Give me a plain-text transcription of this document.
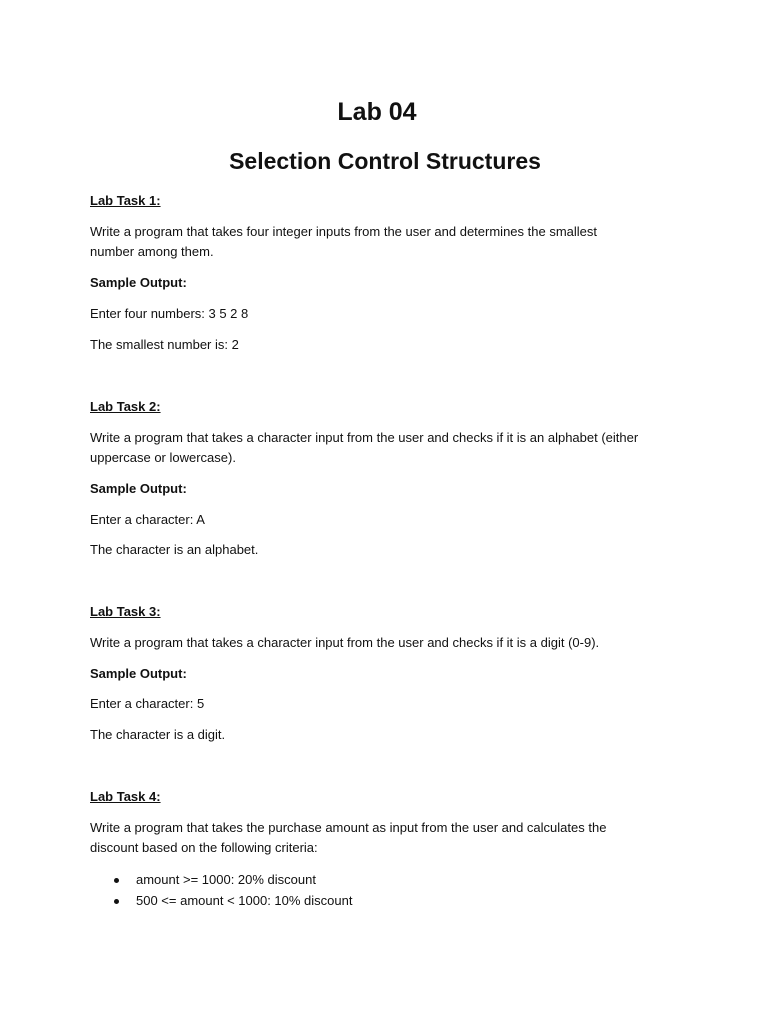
Lab 04
Selection Control Structures
Lab Task 1:
Write a program that takes four integer inputs from the user and determines the smallest
number among them.
Sample Output:
Enter four numbers: 3 5 2 8
The smallest number is: 2
Lab Task 2:
Write a program that takes a character input from the user and checks if it is an alphabet (either
uppercase or lowercase).
Sample Output:
Enter a character: A
The character is an alphabet.
Lab Task 3:
Write a program that takes a character input from the user and checks if it is a digit (0-9).
Sample Output:
Enter a character: 5
The character is a digit.
Lab Task 4:
Write a program that takes the purchase amount as input from the user and calculates the
discount based on the following criteria:
amount >= 1000: 20% discount
500 <= amount < 1000: 10% discount
